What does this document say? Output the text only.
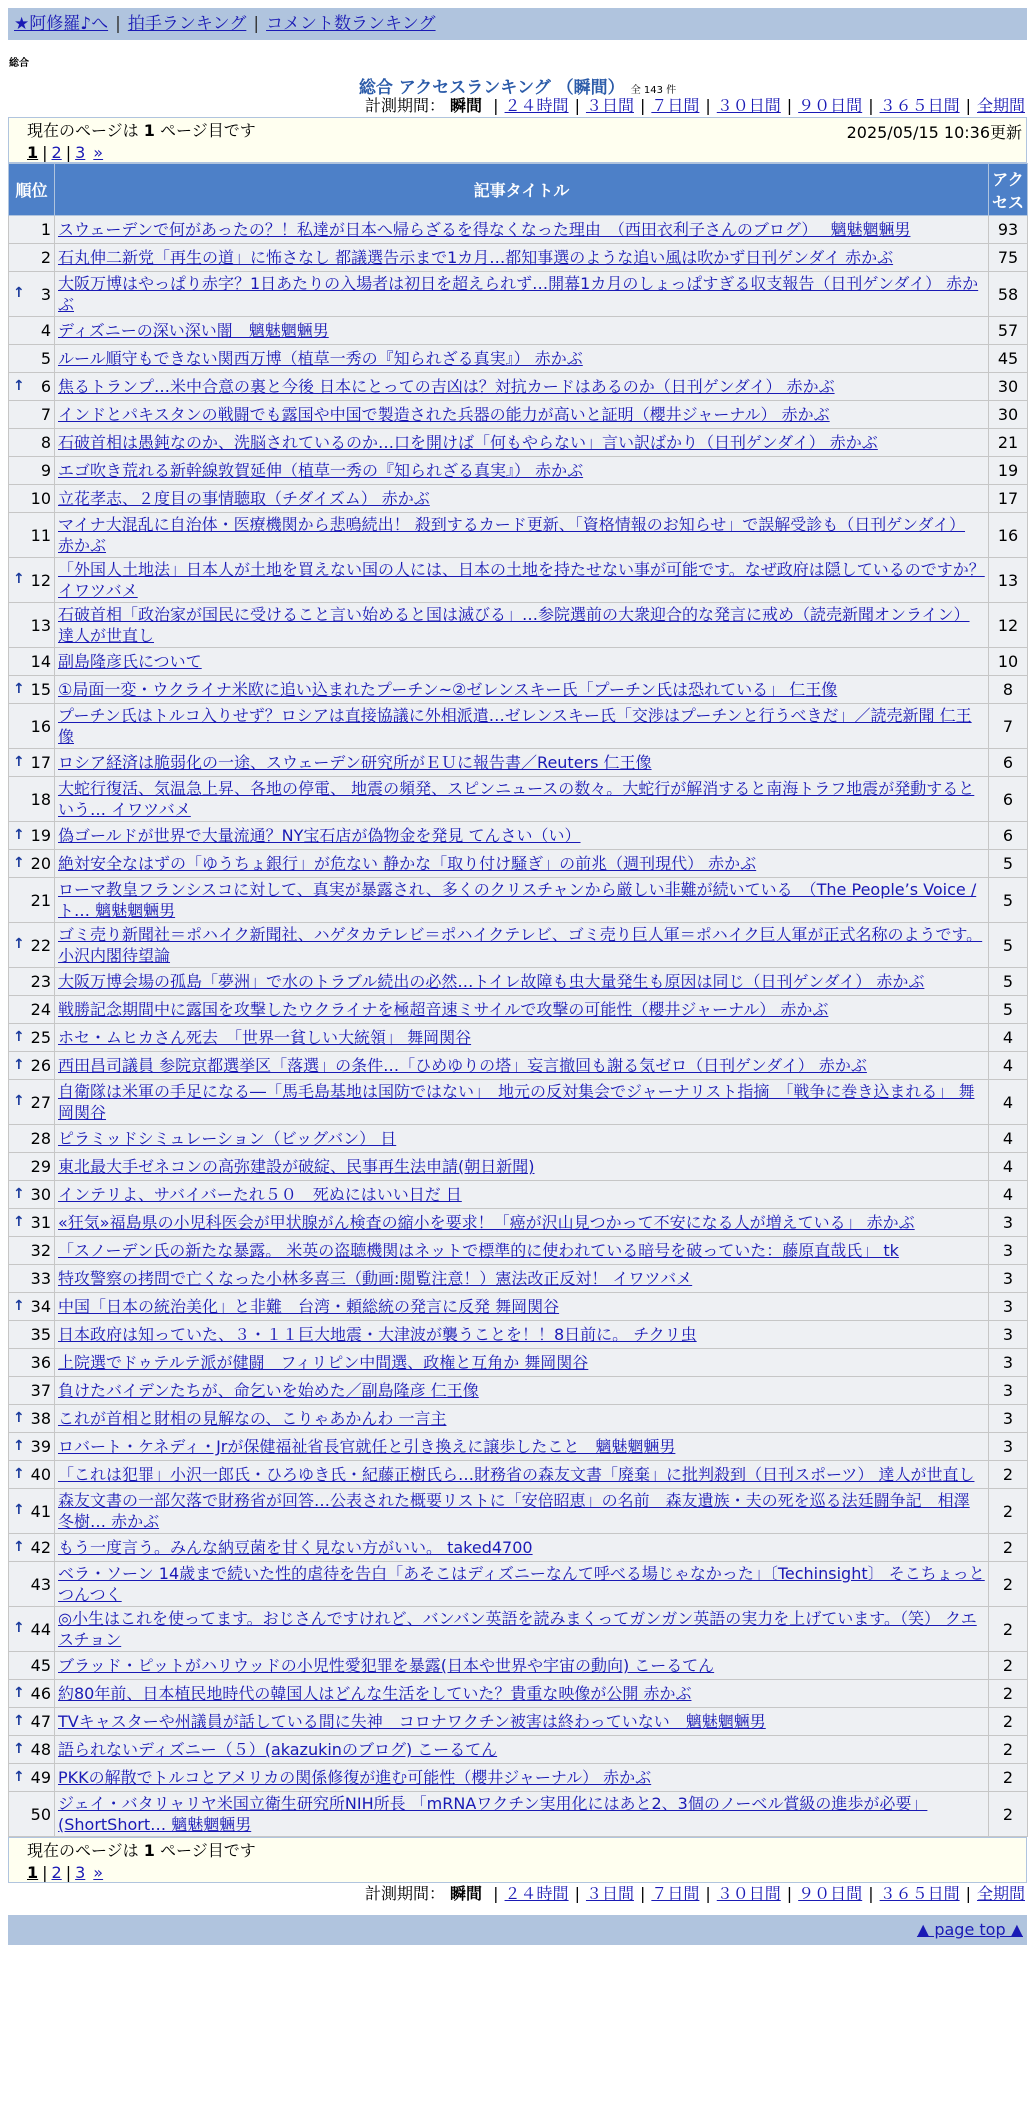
★阿修羅♪へ | 拍手ランキング | コメント数ランキング
総合
総合 アクセスランキング （瞬間） 全 143 件
計測期間： 瞬間 | ２４時間 | ３日間 | ７日間 | ３０日間 | ９０日間 | ３６５日間 | 全期間
現在のページは 1 ページ目です	2025/05/15 10:36更新
1 | 2 | 3 »
順位	記事タイトル	アクセス
1	スウェーデンで何があったの？！私達が日本へ帰らざるを得なくなった理由　（西田衣利子さんのブログ）　 魑魅魍魎男	93
2	石丸伸二新党「再生の道」に怖さなし 都議選告示まで1カ月…都知事選のような追い風は吹かず日刊ゲンダイ 赤かぶ	75

↑ 3	大阪万博はやっぱり赤字？1日あたりの入場者は初日を超えられず…開幕1カ月のしょっぱすぎる収支報告（日刊ゲンダイ） 赤かぶ	58
4	ディズニーの深い深い闇　魑魅魍魎男	57
5	ルール順守もできない関西万博（植草一秀の『知られざる真実』） 赤かぶ	45

↑ 6	焦るトランプ…米中合意の裏と今後 日本にとっての吉凶は？対抗カードはあるのか（日刊ゲンダイ） 赤かぶ	30
7	インドとパキスタンの戦闘でも露国や中国で製造された兵器の能力が高いと証明（櫻井ジャーナル） 赤かぶ	30
8	石破首相は愚鈍なのか、洗脳されているのか…口を開けば「何もやらない」言い訳ばかり（日刊ゲンダイ） 赤かぶ	21
9	エゴ吹き荒れる新幹線敦賀延伸（植草一秀の『知られざる真実』） 赤かぶ	19
10	立花孝志、２度目の事情聴取（チダイズム） 赤かぶ	17
11	マイナ大混乱に自治体・医療機関から悲鳴続出！ 殺到するカード更新、「資格情報のお知らせ」で誤解受診も（日刊ゲンダイ） 赤かぶ	16

↑ 12	「外国人土地法」日本人が土地を買えない国の人には、日本の土地を持たせない事が可能です。なぜ政府は隠しているのですか？ イワツバメ	13
13	石破首相「政治家が国民に受けること言い始めると国は滅びる」…参院選前の大衆迎合的な発言に戒め（読売新聞オンライン） 達人が世直し	12
14	副島隆彦氏について	10

↑ 15	①局面一変・ウクライナ米欧に追い込まれたプーチン~②ゼレンスキー氏「プーチン氏は恐れている」 仁王像	8
16	プーチン氏はトルコ入りせず？ロシアは直接協議に外相派遣…ゼレンスキー氏「交渉はプーチンと行うべきだ」／読売新聞 仁王像	7

↑ 17	ロシア経済は脆弱化の一途、スウェーデン研究所がＥＵに報告書／Reuters 仁王像	6
18	大蛇行復活、気温急上昇、各地の停電、 地震の頻発、スピンニュースの数々。大蛇行が解消すると南海トラフ地震が発動するという… イワツバメ	6

↑ 19	偽ゴールドが世界で大量流通？NY宝石店が偽物金を発見 てんさい（い）	6

↑ 20	絶対安全なはずの「ゆうちょ銀行」が危ない 静かな「取り付け騒ぎ」の前兆（週刊現代） 赤かぶ	5
21	ローマ教皇フランシスコに対して、真実が暴露され、多くのクリスチャンから厳しい非難が続いている　（The People’s Voice / ト… 魑魅魍魎男	5

↑ 22	ゴミ売り新聞社＝ポハイク新聞社、ハゲタカテレビ＝ポハイクテレビ、ゴミ売り巨人軍＝ポハイク巨人軍が正式名称のようです。 小沢内閣待望論	5
23	大阪万博会場の孤島「夢洲」で水のトラブル続出の必然…トイレ故障も虫大量発生も原因は同じ（日刊ゲンダイ） 赤かぶ	5
24	戦勝記念期間中に露国を攻撃したウクライナを極超音速ミサイルで攻撃の可能性（櫻井ジャーナル） 赤かぶ	5

↑ 25	ホセ・ムヒカさん死去　「世界一貧しい大統領」 舞岡関谷	4

↑ 26	西田昌司議員 参院京都選挙区「落選」の条件…「ひめゆりの塔」妄言撤回も謝る気ゼロ（日刊ゲンダイ） 赤かぶ	4

↑ 27	自衛隊は米軍の手足になる―「馬毛島基地は国防ではない」　地元の反対集会でジャーナリスト指摘　「戦争に巻き込まれる」 舞岡関谷	4
28	ピラミッドシミュレーション（ビッグバン） 日	4
29	東北最大手ゼネコンの高弥建設が破綻、民事再生法申請(朝日新聞)	4

↑ 30	インテリよ、サバイバーたれ５０　死ぬにはいい日だ 日	4

↑ 31	«狂気»福島県の小児科医会が甲状腺がん検査の縮小を要求！「癌が沢山見つかって不安になる人が増えている」 赤かぶ	3
32	「スノーデン氏の新たな暴露。 米英の盗聴機関はネットで標準的に使われている暗号を破っていた：藤原直哉氏」 tk	3
33	特攻警察の拷問で亡くなった小林多喜三（動画:閲覧注意！）憲法改正反対！ イワツバメ	3

↑ 34	中国「日本の統治美化」と非難　台湾・頼総統の発言に反発 舞岡関谷	3
35	日本政府は知っていた、３・１１巨大地震・大津波が襲うことを！！8日前に。 チクリ虫	3
36	上院選でドゥテルテ派が健闘　フィリピン中間選、政権と互角か 舞岡関谷	3
37	負けたバイデンたちが、命乞いを始めた／副島隆彦 仁王像	3

↑ 38	これが首相と財相の見解なの、こりゃあかんわ 一言主	3

↑ 39	ロバート・ケネディ・Jrが保健福祉省長官就任と引き換えに譲歩したこと　魑魅魍魎男	3

↑ 40	「これは犯罪」小沢一郎氏・ひろゆき氏・紀藤正樹氏ら…財務省の森友文書「廃棄」に批判殺到（日刊スポーツ） 達人が世直し	2

↑ 41	森友文書の一部欠落で財務省が回答…公表された概要リストに「安倍昭恵」の名前　森友遺族・夫の死を巡る法廷闘争記　相澤冬樹… 赤かぶ	2

↑ 42	もう一度言う。みんな納豆菌を甘く見ない方がいい。 taked4700	2
43	ベラ・ソーン 14歳まで続いた性的虐待を告白「あそこはディズニーなんて呼べる場じゃなかった」〔Techinsight〕 そこちょっとつんつく	2

↑ 44	◎小生はこれを使ってます。おじさんですけれど、バンバン英語を読みまくってガンガン英語の実力を上げています。（笑） クエスチョン	2
45	ブラッド・ピットがハリウッドの小児性愛犯罪を暴露(日本や世界や宇宙の動向) こーるてん	2

↑ 46	約80年前、日本植民地時代の韓国人はどんな生活をしていた？貴重な映像が公開 赤かぶ	2

↑ 47	TVキャスターや州議員が話している間に失神　コロナワクチン被害は終わっていない　魑魅魍魎男	2

↑ 48	語られないディズニー（５）(akazukinのブログ) こーるてん	2

↑ 49	PKKの解散でトルコとアメリカの関係修復が進む可能性（櫻井ジャーナル） 赤かぶ	2
50	ジェイ・バタリャリヤ米国立衛生研究所NIH所長 「mRNAワクチン実用化にはあと2、3個のノーベル賞級の進歩が必要」(ShortShort… 魑魅魍魎男	2
現在のページは 1 ページ目です
1 | 2 | 3 »
計測期間： 瞬間 | ２４時間 | ３日間 | ７日間 | ３０日間 | ９０日間 | ３６５日間 | 全期間
▲ page top ▲
